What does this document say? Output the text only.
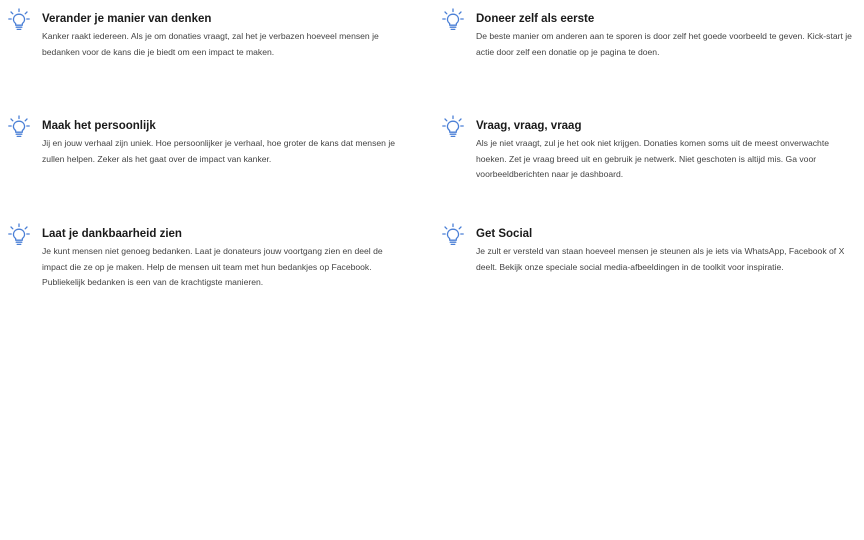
Verander je manier van denken

Kanker raakt iedereen. Als je om donaties vraagt, zal het je verbazen hoeveel mensen je bedanken voor de kans die je biedt om een impact te maken.

Doneer zelf als eerste

De beste manier om anderen aan te sporen is door zelf het goede voorbeeld te geven. Kick-start je actie door zelf een donatie op je pagina te doen.

Maak het persoonlijk

Jij en jouw verhaal zijn uniek. Hoe persoonlijker je verhaal, hoe groter de kans dat mensen je zullen helpen. Zeker als het gaat over de impact van kanker.

Vraag, vraag, vraag

Als je niet vraagt, zul je het ook niet krijgen. Donaties komen soms uit de meest onverwachte hoeken. Zet je vraag breed uit en gebruik je netwerk. Niet geschoten is altijd mis. Ga voor voorbeeldberichten naar je dashboard.

Laat je dankbaarheid zien

Je kunt mensen niet genoeg bedanken. Laat je donateurs jouw voortgang zien en deel de impact die ze op je maken. Help de mensen uit team met hun bedankjes op Facebook. Publiekelijk bedanken is een van de krachtigste manieren.

Get Social

Je zult er versteld van staan hoeveel mensen je steunen als je iets via WhatsApp, Facebook of X deelt. Bekijk onze speciale social media-afbeeldingen in de toolkit voor inspiratie.
